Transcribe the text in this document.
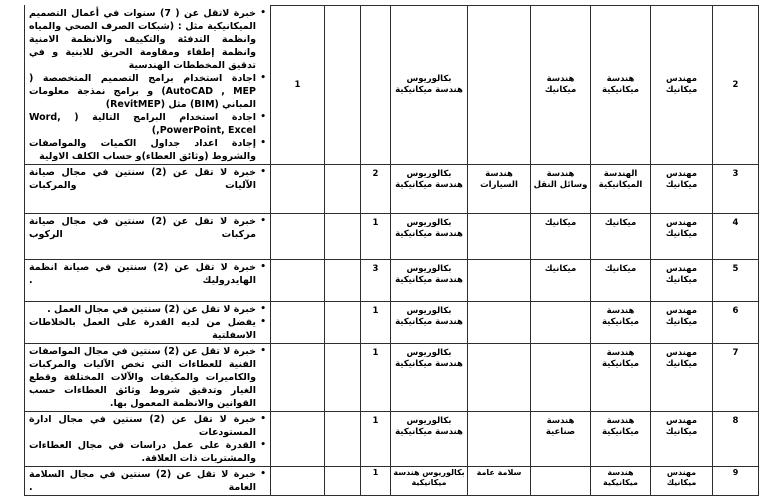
2	مهندس ميكانيك	هندسة ميكانيكية	هندسة ميكانيك		بكالوريوس هندسة ميكانيكية			1	
• خبرة لاتقل عن ( 7) سنوات في أعمال التصميم الميكانيكية مثل : (شبكات الصرف الصحي والمياه وانظمة التدفئة والتكييف والانظمة الامنية وانظمة إطفاء ومقاومة الحريق للابنية و في تدقيق المخططات الهندسية
• اجادة استخدام برامج التصميم المتخصصة ( AutoCAD , MEP) و برامج نمذجة معلومات المباني (BIM) مثل (RevitMEP)
• اجادة استخدام البرامج التالية ( Word, PowerPoint, Excel,)
• إجادة اعداد جداول الكميات والمواصفات والشروط (وثائق العطاء)و حساب الكلف الاولية

3	مهندس ميكانيك	الهندسة الميكانيكية	هندسة وسائل النقل	هندسة السيارات	بكالوريوس هندسة ميكانيكية	2			
• خبرة لا تقل عن (2) سنتين في مجال صيانة الآليات والمركبات

4	مهندس ميكانيك	ميكانيك	ميكانيك		بكالوريوس هندسة ميكانيكية	1			
• خبرة لا تقل عن (2) سنتين في مجال صيانة مركبات الركوب

5	مهندس ميكانيك	ميكانيك	ميكانيك		بكالوريوس هندسة ميكانيكية	3			
• خبرة لا تقل عن (2) سنتين في صيانة انظمة الهايدروليك .

6	مهندس ميكانيك	هندسة ميكانيكية			بكالوريوس هندسة ميكانيكية	1			
• خبرة لا تقل عن (2) سنتين في مجال العمل .
• يفضل من لديه القدرة على العمل بالخلاطات الاسفلتية

7	مهندس ميكانيك	هندسة ميكانيكية			بكالوريوس هندسة ميكانيكية	1			
• خبرة لا تقل عن (2) سنتين في مجال المواصفات الفنية للعطاءات التي تخص الآليات والمركبات والكاميرات والمكيفات والآلات المختلفة وقطع الغيار وتدقيق شروط وثائق العطاءات حسب القوانين والانظمة المعمول بها.

8	مهندس ميكانيك	هندسة ميكانيكية	هندسة صناعية		بكالوريوس هندسة ميكانيكية	1			
• خبرة لا تقل عن (2) سنتين في مجال ادارة المستودعات
• القدرة على عمل دراسات في مجال العطاءات والمشتريات ذات العلاقة.

9	مهندس ميكانيك	هندسة ميكانيكية		سلامة عامة	بكالوريوس هندسة ميكانيكية	1			
• خبرة لا تقل عن (2) سنتين في مجال السلامة العامة .
